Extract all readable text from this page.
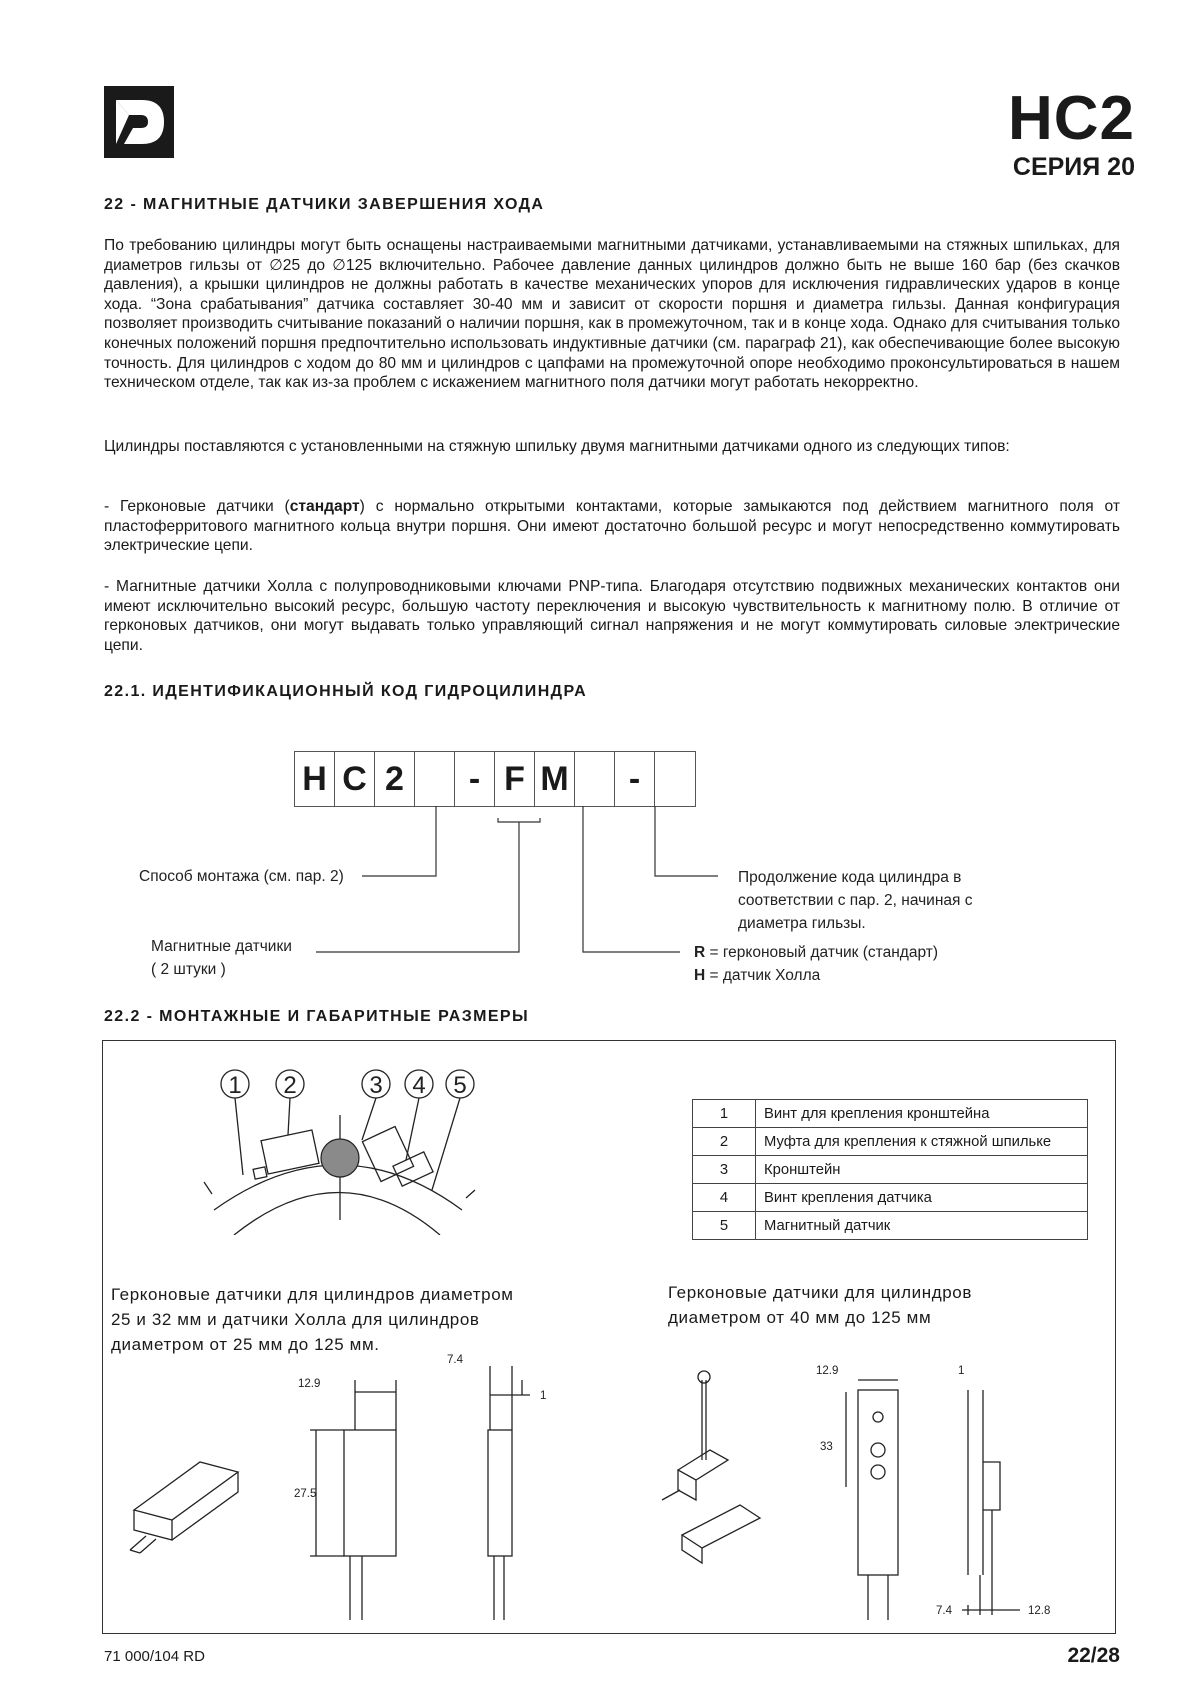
HC2
СЕРИЯ 20
22 - МАГНИТНЫЕ ДАТЧИКИ ЗАВЕРШЕНИЯ ХОДА
По требованию цилиндры могут быть оснащены настраиваемыми магнитными датчиками, устанавливаемыми на стяжных шпильках, для диаметров гильзы от ∅25 до ∅125 включительно. Рабочее давление данных цилиндров должно быть не выше 160 бар (без скачков давления), а крышки цилиндров не должны работать в качестве механических упоров для исключения гидравлических ударов в конце хода. “Зона срабатывания” датчика составляет 30-40 мм и зависит от скорости поршня и диаметра гильзы. Данная конфигурация позволяет производить считывание показаний о наличии поршня, как в промежуточном, так и в конце хода. Однако для считывания только конечных положений поршня предпочтительно использовать индуктивные датчики (см. параграф 21), как обеспечивающие более высокую точность. Для цилиндров с ходом до 80 мм и цилиндров с цапфами на промежуточной опоре необходимо проконсультироваться в нашем техническом отделе, так как из-за проблем с искажением магнитного поля датчики могут работать некорректно.
Цилиндры поставляются с установленными на стяжную шпильку двумя магнитными датчиками одного из следующих типов:
- Герконовые датчики (стандарт) с нормально открытыми контактами, которые замыкаются под действием магнитного поля от пластоферритового магнитного кольца внутри поршня. Они имеют достаточно большой ресурс и могут непосредственно коммутировать электрические цепи.
- Магнитные датчики Холла с полупроводниковыми ключами PNP-типа. Благодаря отсутствию подвижных механических контактов они имеют исключительно высокий ресурс, большую частоту переключения и высокую чувствительность к магнитному полю. В отличие от герконовых датчиков, они могут выдавать только управляющий сигнал напряжения и не могут коммутировать силовые электрические цепи.
22.1. ИДЕНТИФИКАЦИОННЫЙ КОД ГИДРОЦИЛИНДРА
H C 2	- F M	-
Способ монтажа (см. пар. 2)
Магнитные датчики
( 2 штуки )
Продолжение кода цилиндра в
соответствии с пар. 2, начиная с
диаметра гильзы.
R = герконовый датчик (стандарт)
H = датчик Холла
22.2 - МОНТАЖНЫЕ И ГАБАРИТНЫЕ РАЗМЕРЫ
1 2	3 4 5
1	Винт для крепления кронштейна
2	Муфта для крепления к стяжной шпильке
3	Кронштейн
4	Винт крепления датчика
5	Магнитный датчик
Герконовые датчики для цилиндров диаметром
25 и 32 мм и датчики Холла для цилиндров
диаметром от 25 мм до 125 мм.
Герконовые датчики для цилиндров
диаметром от 40 мм до 125 мм
12.9
27.5
7.4
1
12.9
33
1
7.4	12.8
71 000/104 RD	22/28
